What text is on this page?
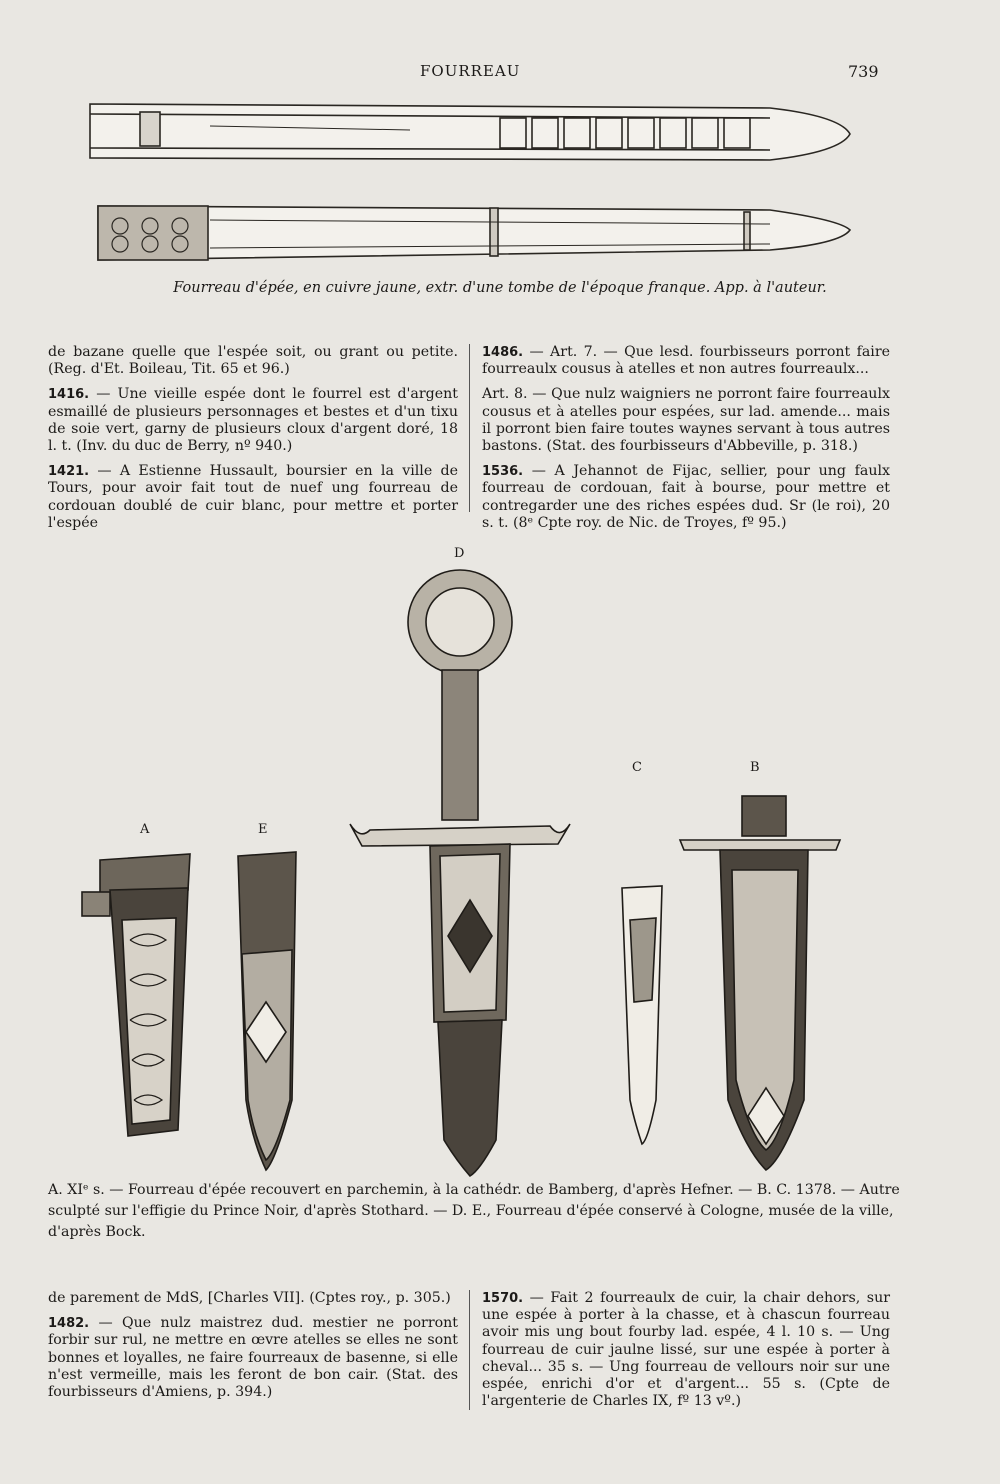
FOURREAU	739
Fourreau d'épée, en cuivre jaune, extr. d'une tombe de l'époque franque. App. à l'auteur.

de bazane quelle que l'espée soit, ou grant ou petite. (Reg. d'Et. Boileau, Tit. 65 et 96.)

1416. — Une vieille espée dont le fourrel est d'argent esmaillé de plusieurs personnages et bestes et d'un tixu de soie vert, garny de plusieurs cloux d'argent doré, 18 l. t. (Inv. du duc de Berry, nº 940.)

1421. — A Estienne Hussault, boursier en la ville de Tours, pour avoir fait tout de nuef ung fourreau de cordouan doublé de cuir blanc, pour mettre et porter l'espée

1486. — Art. 7. — Que lesd. fourbisseurs porront faire fourreaulx cousus à atelles et non autres fourreaulx...

Art. 8. — Que nulz waigniers ne porront faire fourreaulx cousus et à atelles pour espées, sur lad. amende... mais il porront bien faire toutes waynes servant à tous autres bastons. (Stat. des fourbisseurs d'Abbeville, p. 318.)

1536. — A Jehannot de Fijac, sellier, pour ung faulx fourreau de cordouan, fait à bourse, pour mettre et contregarder une des riches espées dud. Sr (le roi), 20 s. t. (8ᵉ Cpte roy. de Nic. de Troyes, fº 95.)

D
A	E
C	B
A. XIᵉ s. — Fourreau d'épée recouvert en parchemin, à la cathédr. de Bamberg, d'après Hefner. — B. C. 1378. — Autre sculpté sur l'effigie du Prince Noir, d'après Stothard. — D. E., Fourreau d'épée conservé à Cologne, musée de la ville, d'après Bock.

de parement de MdS, [Charles VII]. (Cptes roy., p. 305.)

1482. — Que nulz maistrez dud. mestier ne porront forbir sur rul, ne mettre en œvre atelles se elles ne sont bonnes et loyalles, ne faire fourreaux de basenne, si elle n'est vermeille, mais les feront de bon cair. (Stat. des fourbisseurs d'Amiens, p. 394.)

1570. — Fait 2 fourreaulx de cuir, la chair dehors, sur une espée à porter à la chasse, et à chascun fourreau avoir mis ung bout fourby lad. espée, 4 l. 10 s. — Ung fourreau de cuir jaulne lissé, sur une espée à porter à cheval... 35 s. — Ung fourreau de vellours noir sur une espée, enrichi d'or et d'argent... 55 s. (Cpte de l'argenterie de Charles IX, fº 13 vº.)
